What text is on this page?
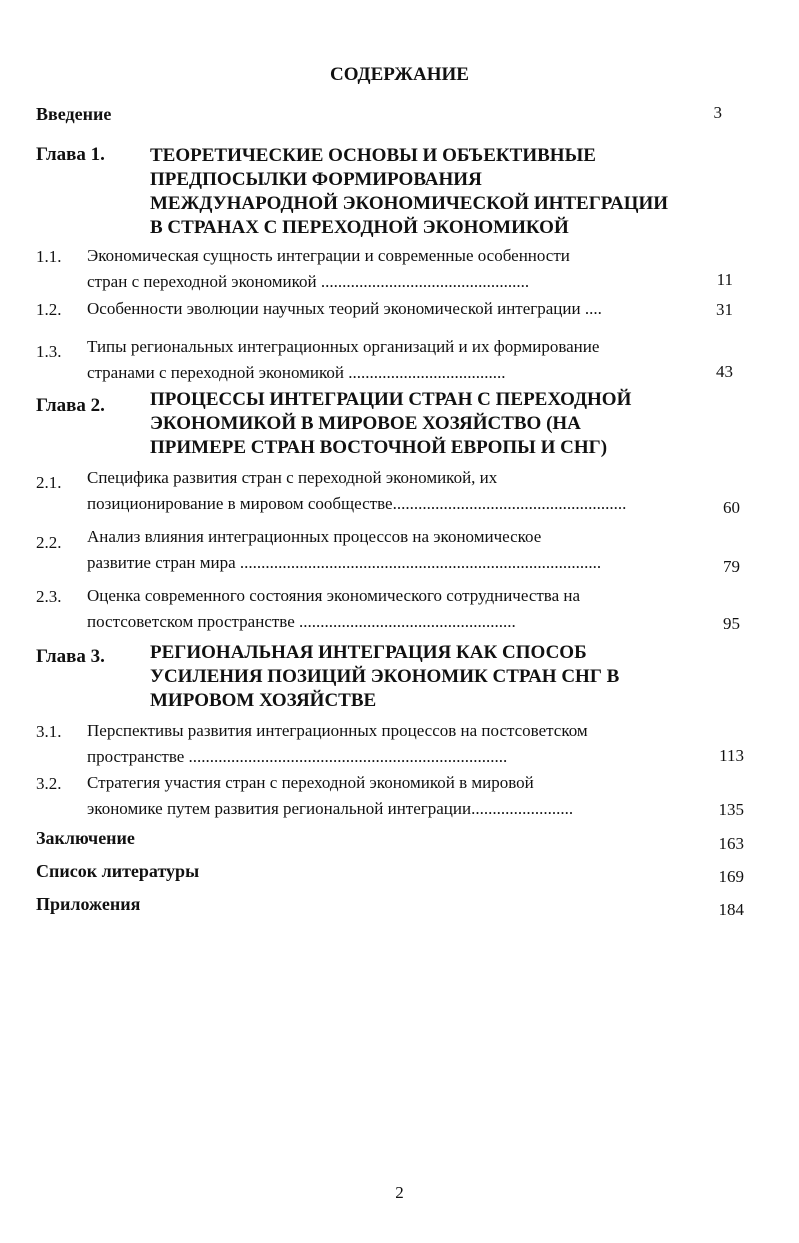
СОДЕРЖАНИЕ
Введение	3
Глава 1. ТЕОРЕТИЧЕСКИЕ ОСНОВЫ И ОБЪЕКТИВНЫЕ
ПРЕДПОСЫЛКИ ФОРМИРОВАНИЯ
МЕЖДУНАРОДНОЙ ЭКОНОМИЧЕСКОЙ ИНТЕГРАЦИИ
В СТРАНАХ С ПЕРЕХОДНОЙ ЭКОНОМИКОЙ
1.1. Экономическая сущность интеграции и современные особенности
стран с переходной экономикой .................................................	11
1.2. Особенности эволюции научных теорий экономической интеграции ....	31
1.3. Типы региональных интеграционных организаций и их формирование
странами с переходной экономикой .....................................	43
Глава 2. ПРОЦЕССЫ ИНТЕГРАЦИИ СТРАН С ПЕРЕХОДНОЙ
ЭКОНОМИКОЙ В МИРОВОЕ ХОЗЯЙСТВО (НА
ПРИМЕРЕ СТРАН ВОСТОЧНОЙ ЕВРОПЫ И СНГ)
2.1. Специфика развития стран с переходной экономикой, их
позиционирование в мировом сообществе.......................................................	60
2.2. Анализ влияния интеграционных процессов на экономическое
развитие стран мира .....................................................................................	79
2.3. Оценка современного состояния экономического сотрудничества на
постсоветском пространстве ...................................................	95
Глава 3. РЕГИОНАЛЬНАЯ ИНТЕГРАЦИЯ КАК СПОСОБ
УСИЛЕНИЯ ПОЗИЦИЙ ЭКОНОМИК СТРАН СНГ В
МИРОВОМ ХОЗЯЙСТВЕ
3.1. Перспективы развития интеграционных процессов на постсоветском
пространстве ...........................................................................	113
3.2. Стратегия участия стран с переходной экономикой в мировой
экономике путем развития региональной интеграции........................	135
Заключение	163
Список литературы	169
Приложения	184
2
